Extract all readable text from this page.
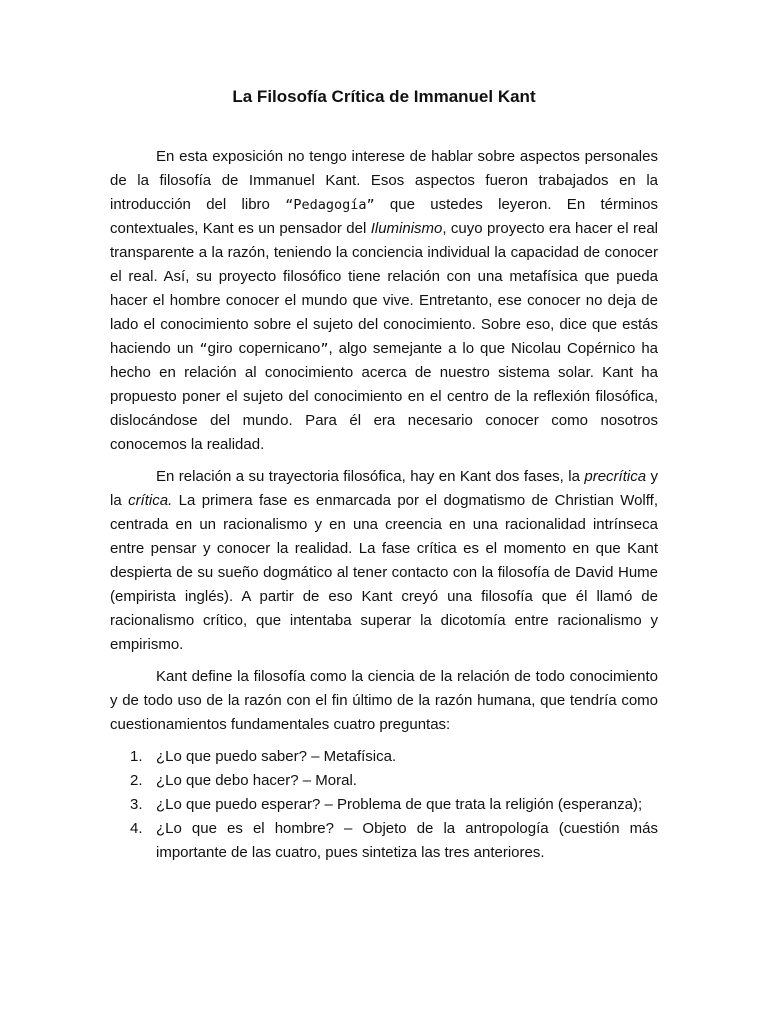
La Filosofía Crítica de Immanuel Kant

En esta exposición no tengo interese de hablar sobre aspectos personales de la filosofía de Immanuel Kant. Esos aspectos fueron trabajados en la introducción del libro “Pedagogía” que ustedes leyeron. En términos contextuales, Kant es un pensador del Iluminismo, cuyo proyecto era hacer el real transparente a la razón, teniendo la conciencia individual la capacidad de conocer el real. Así, su proyecto filosófico tiene relación con una metafísica que pueda hacer el hombre conocer el mundo que vive. Entretanto, ese conocer no deja de lado el conocimiento sobre el sujeto del conocimiento. Sobre eso, dice que estás haciendo un “giro copernicano”, algo semejante a lo que Nicolau Copérnico ha hecho en relación al conocimiento acerca de nuestro sistema solar. Kant ha propuesto poner el sujeto del conocimiento en el centro de la reflexión filosófica, dislocándose del mundo. Para él era necesario conocer como nosotros conocemos la realidad.

En relación a su trayectoria filosófica, hay en Kant dos fases, la precrítica y la crítica. La primera fase es enmarcada por el dogmatismo de Christian Wolff, centrada en un racionalismo y en una creencia en una racionalidad intrínseca entre pensar y conocer la realidad. La fase crítica es el momento en que Kant despierta de su sueño dogmático al tener contacto con la filosofía de David Hume (empirista inglés). A partir de eso Kant creyó una filosofía que él llamó de racionalismo crítico, que intentaba superar la dicotomía entre racionalismo y empirismo.

Kant define la filosofía como la ciencia de la relación de todo conocimiento y de todo uso de la razón con el fin último de la razón humana, que tendría como cuestionamientos fundamentales cuatro preguntas:

1. ¿Lo que puedo saber? – Metafísica.
2. ¿Lo que debo hacer? – Moral.
3. ¿Lo que puedo esperar? – Problema de que trata la religión (esperanza);
4. ¿Lo que es el hombre? – Objeto de la antropología (cuestión más importante de las cuatro, pues sintetiza las tres anteriores.
